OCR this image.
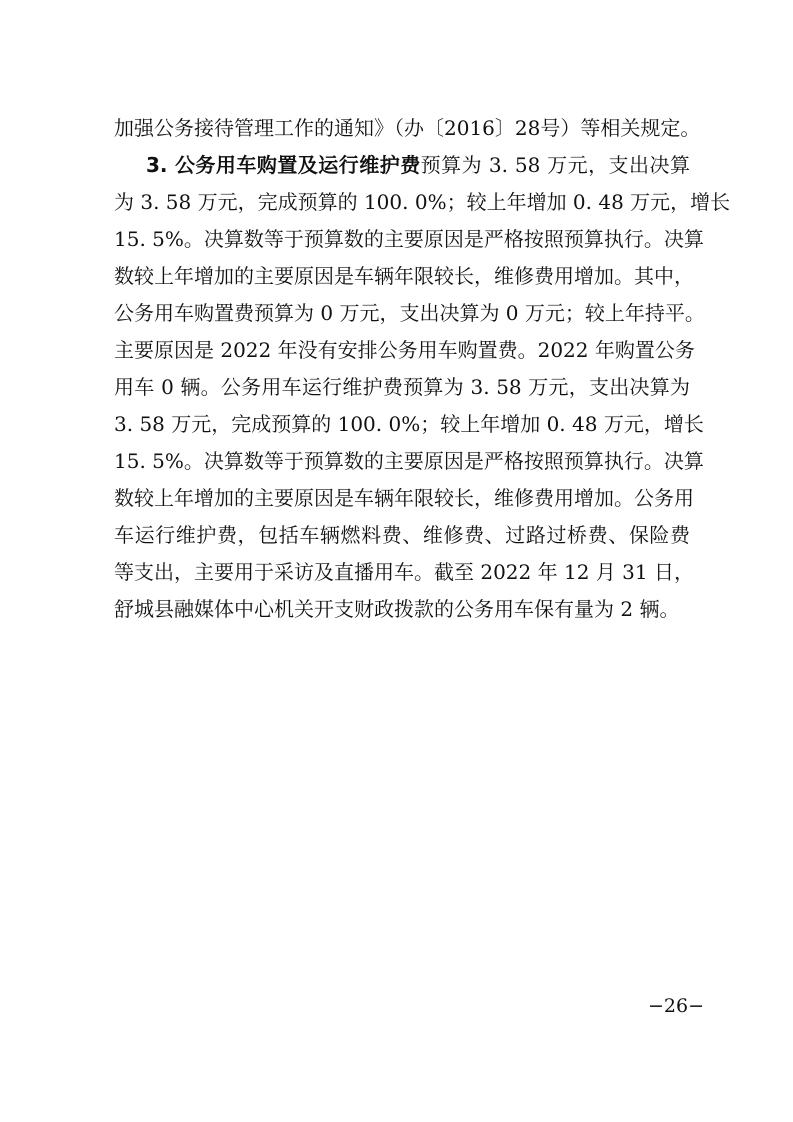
加强公务接待管理工作的通知》（办〔2016〕28号）等相关规定。
3. 公务用车购置及运行维护费预算为 3. 58 万元，支出决算
为 3. 58 万元，完成预算的 100. 0%；较上年增加 0. 48 万元，增长
15. 5%。决算数等于预算数的主要原因是严格按照预算执行。决算
数较上年增加的主要原因是车辆年限较长，维修费用增加。其中，
公务用车购置费预算为 0 万元，支出决算为 0 万元；较上年持平。
主要原因是 2022 年没有安排公务用车购置费。2022 年购置公务
用车 0 辆。公务用车运行维护费预算为 3. 58 万元，支出决算为
3. 58 万元，完成预算的 100. 0%；较上年增加 0. 48 万元，增长
15. 5%。决算数等于预算数的主要原因是严格按照预算执行。决算
数较上年增加的主要原因是车辆年限较长，维修费用增加。公务用
车运行维护费，包括车辆燃料费、维修费、过路过桥费、保险费
等支出，主要用于采访及直播用车。截至 2022 年 12 月 31 日，
舒城县融媒体中心机关开支财政拨款的公务用车保有量为 2 辆。
−26−
